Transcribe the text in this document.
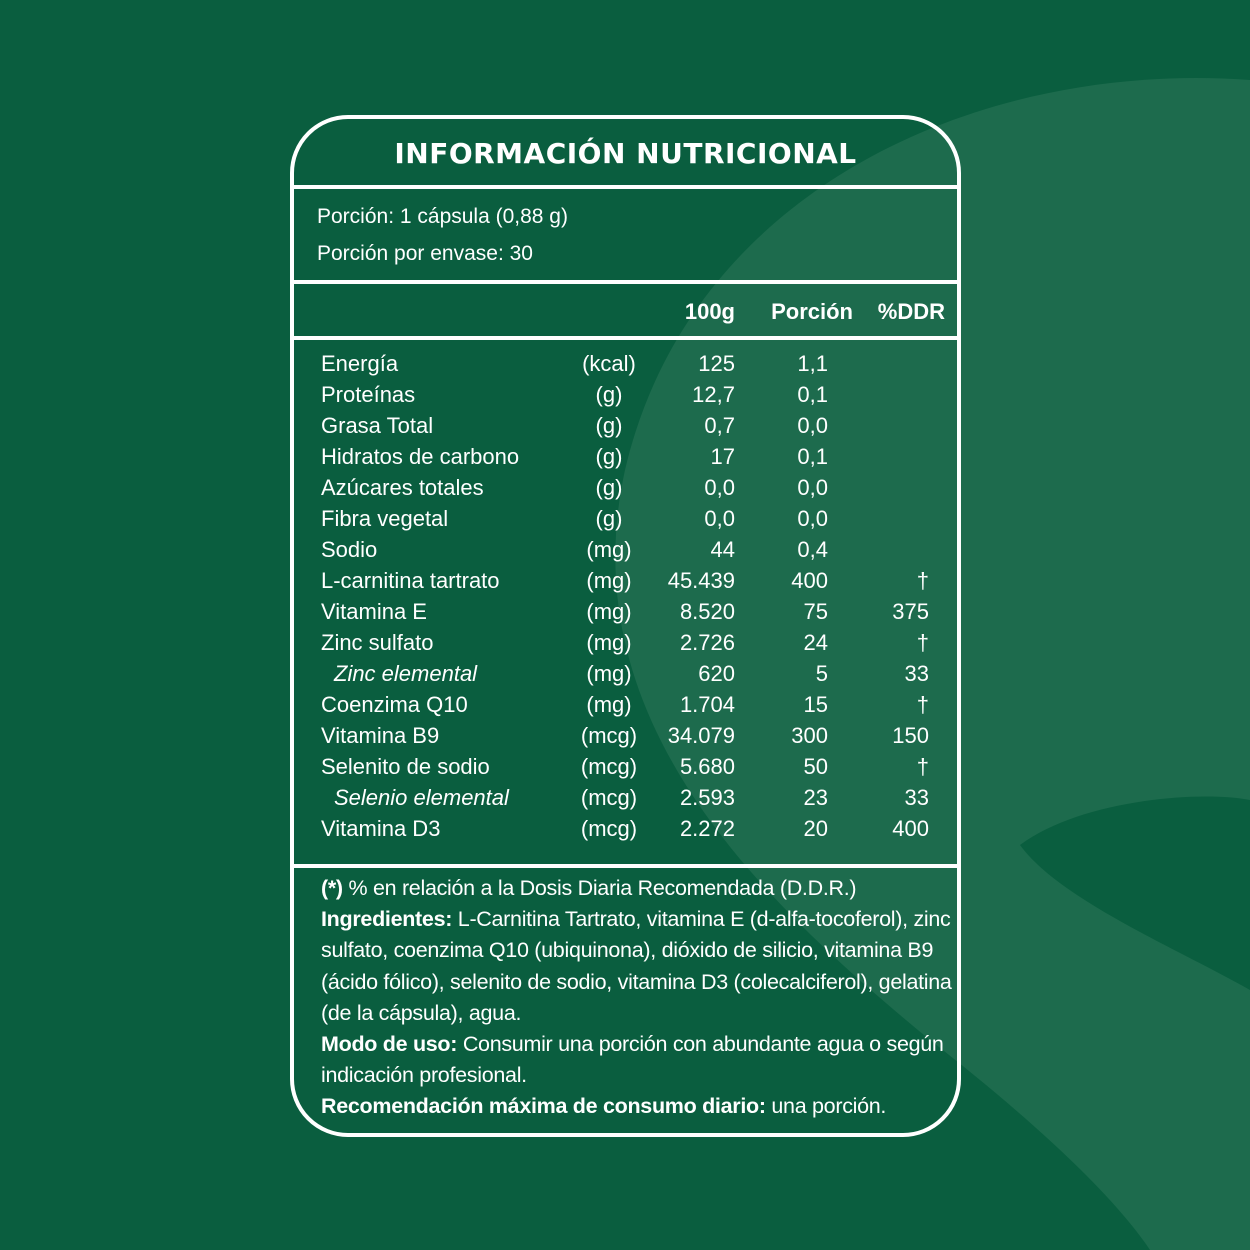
INFORMACIÓN NUTRICIONAL
Porción: 1 cápsula (0,88 g)
Porción por envase: 30
100g Porción %DDR
Energía	(kcal)	125	1,1
Proteínas	(g)	12,7	0,1
Grasa Total	(g)	0,7	0,0
Hidratos de carbono	(g)	17	0,1
Azúcares totales	(g)	0,0	0,0
Fibra vegetal	(g)	0,0	0,0
Sodio	(mg)	44	0,4
L-carnitina tartrato	(mg)	45.439	400	†
Vitamina E	(mg)	8.520	75	375
Zinc sulfato	(mg)	2.726	24	†
Zinc elemental	(mg)	620	5	33
Coenzima Q10	(mg)	1.704	15	†
Vitamina B9	(mcg)	34.079	300	150
Selenito de sodio	(mcg)	5.680	50	†
Selenio elemental	(mcg)	2.593	23	33
Vitamina D3	(mcg)	2.272	20	400

(*) % en relación a la Dosis Diaria Recomendada (D.D.R.)

Ingredientes: L-Carnitina Tartrato, vitamina E (d-alfa-tocoferol), zinc sulfato, coenzima Q10 (ubiquinona), dióxido de silicio, vitamina B9 (ácido fólico), selenito de sodio, vitamina D3 (colecalciferol), gelatina (de la cápsula), agua.

Modo de uso: Consumir una porción con abundante agua o según indicación profesional.

Recomendación máxima de consumo diario: una porción.
